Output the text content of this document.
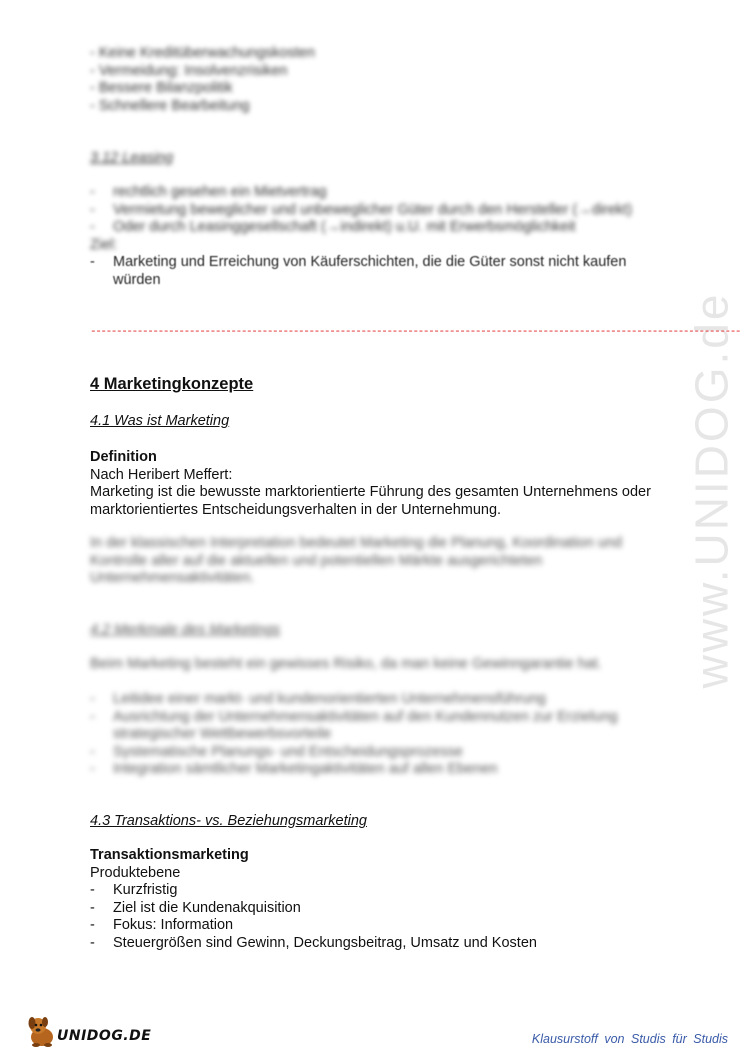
www.UNIDOG.de
- Keine Kreditüberwachungskosten
- Vermeidung: Insolvenzrisiken
- Bessere Bilanzpolitik
- Schnellere Bearbeitung
3.12 Leasing
- rechtlich gesehen ein Mietvertrag
- Vermietung beweglicher und unbeweglicher Güter durch den Hersteller (→direkt)
- Oder durch Leasinggesellschaft (→indirekt) u.U. mit Erwerbsmöglichkeit
Ziel:
- Marketing und Erreichung von Käuferschichten, die die Güter sonst nicht kaufen würden
-----------------------------------------------------------------------------------------------------------------------------
4 Marketingkonzepte
4.1 Was ist Marketing
Definition
Nach Heribert Meffert:
Marketing ist die bewusste marktorientierte Führung des gesamten Unternehmens oder
marktorientiertes Entscheidungsverhalten in der Unternehmung.
In der klassischen Interpretation bedeutet Marketing die Planung, Koordination und
Kontrolle aller auf die aktuellen und potentiellen Märkte ausgerichteten
Unternehmensaktivitäten.
4.2 Merkmale des Marketings
Beim Marketing besteht ein gewisses Risiko, da man keine Gewinngarantie hat.
- Leitidee einer markt- und kundenorientierten Unternehmensführung
- Ausrichtung der Unternehmensaktivitäten auf den Kundennutzen zur Erzielung
strategischer Wettbewerbsvorteile
- Systematische Planungs- und Entscheidungsprozesse
- Integration sämtlicher Marketingaktivitäten auf allen Ebenen
4.3 Transaktions- vs. Beziehungsmarketing
Transaktionsmarketing
Produktebene
- Kurzfristig
- Ziel ist die Kundenakquisition
- Fokus: Information
- Steuergrößen sind Gewinn, Deckungsbeitrag, Umsatz und Kosten
UNIDOG.DE	Klausurstoff von Studis für Studis
